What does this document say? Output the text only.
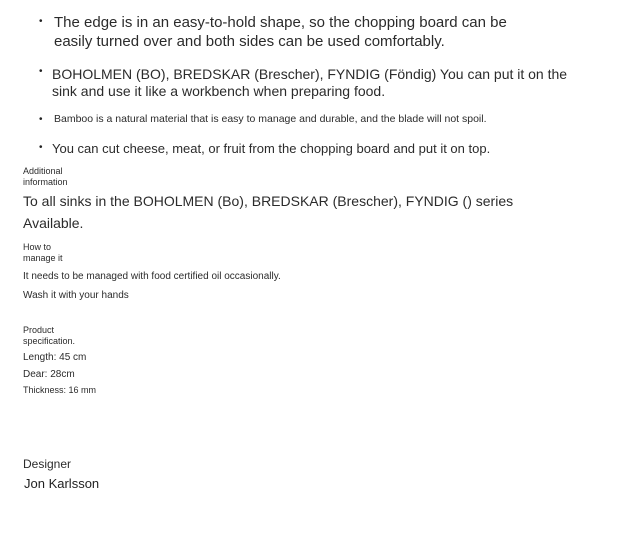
• The edge is in an easy-to-hold shape, so the chopping board can be
easily turned over and both sides can be used comfortably.
• BOHOLMEN (BO), BREDSKAR (Brescher), FYNDIG (Föndig) You can put it on the
sink and use it like a workbench when preparing food.
• Bamboo is a natural material that is easy to manage and durable, and the blade will not spoil.
• You can cut cheese, meat, or fruit from the chopping board and put it on top.
Additional
information
To all sinks in the BOHOLMEN (Bo), BREDSKAR (Brescher), FYNDIG () series
Available.
How to
manage it
It needs to be managed with food certified oil occasionally.
Wash it with your hands
Product
specification.
Length: 45 cm
Dear: 28cm
Thickness: 16 mm
Designer
Jon Karlsson
